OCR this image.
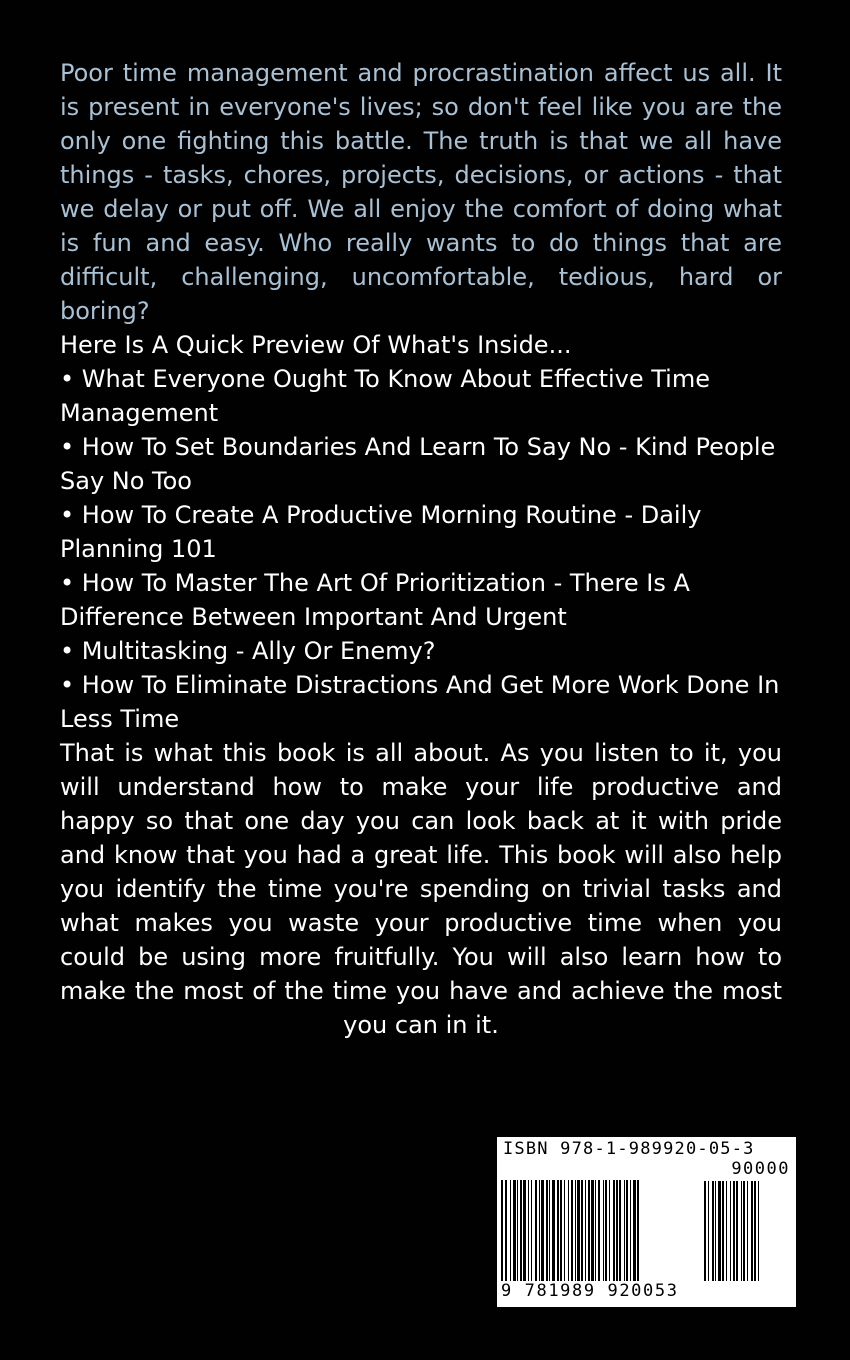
Poor time management and procrastination affect us all. It is present in everyone's lives; so don't feel like you are the only one fighting this battle. The truth is that we all have things - tasks, chores, projects, decisions, or actions - that we delay or put off. We all enjoy the comfort of doing what is fun and easy. Who really wants to do things that are difficult, challenging, uncomfortable, tedious, hard or boring?

Here Is A Quick Preview Of What's Inside...
• What Everyone Ought To Know About Effective Time Management
• How To Set Boundaries And Learn To Say No - Kind People Say No Too
• How To Create A Productive Morning Routine - Daily Planning 101
• How To Master The Art Of Prioritization - There Is A Difference Between Important And Urgent
• Multitasking - Ally Or Enemy?
• How To Eliminate Distractions And Get More Work Done In Less Time

That is what this book is all about. As you listen to it, you will understand how to make your life productive and happy so that one day you can look back at it with pride and know that you had a great life. This book will also help you identify the time you're spending on trivial tasks and what makes you waste your productive time when you could be using more fruitfully. You will also learn how to make the most of the time you have and achieve the most you can in it.

ISBN 978-1-989920-05-3
90000
9 781989 920053
